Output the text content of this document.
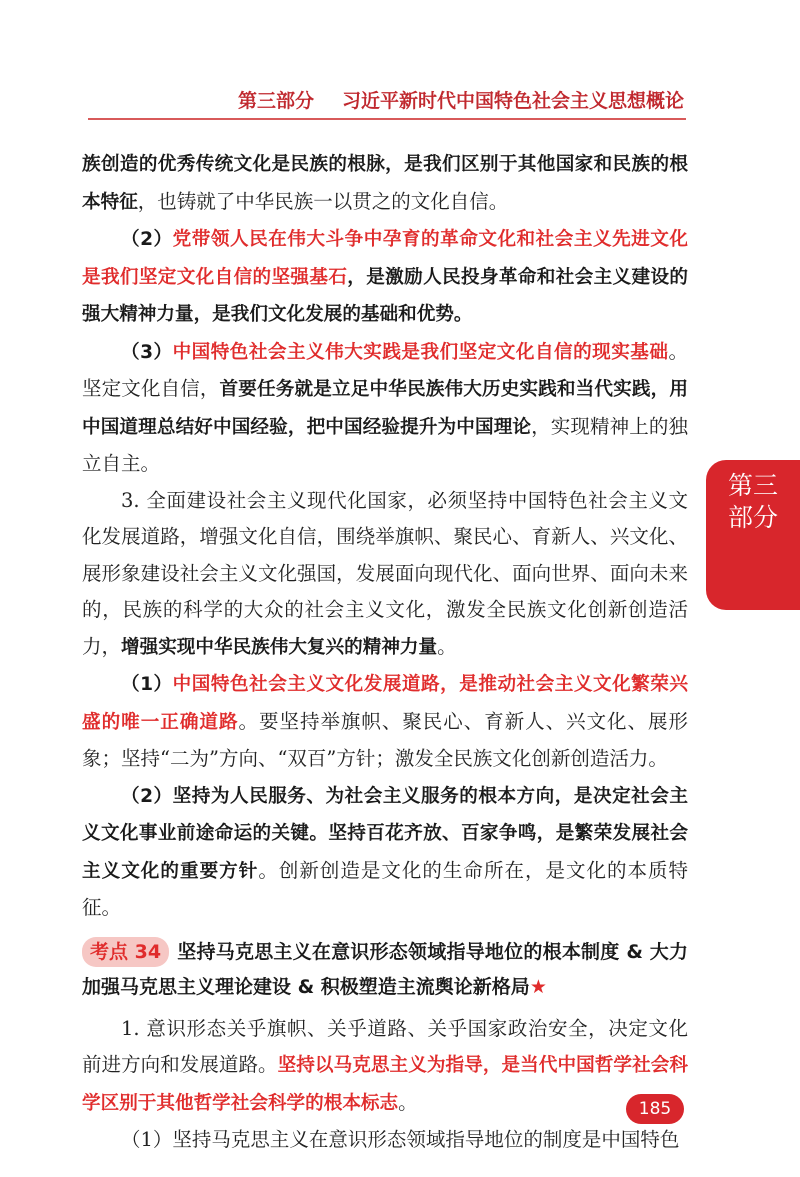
第三部分 习近平新时代中国特色社会主义思想概论

族创造的优秀传统文化是民族的根脉，是我们区别于其他国家和民族的根本特征，也铸就了中华民族一以贯之的文化自信。

（2）党带领人民在伟大斗争中孕育的革命文化和社会主义先进文化是我们坚定文化自信的坚强基石，是激励人民投身革命和社会主义建设的强大精神力量，是我们文化发展的基础和优势。

（3）中国特色社会主义伟大实践是我们坚定文化自信的现实基础。坚定文化自信，首要任务就是立足中华民族伟大历史实践和当代实践，用中国道理总结好中国经验，把中国经验提升为中国理论，实现精神上的独立自主。

3. 全面建设社会主义现代化国家，必须坚持中国特色社会主义文化发展道路，增强文化自信，围绕举旗帜、聚民心、育新人、兴文化、展形象建设社会主义文化强国，发展面向现代化、面向世界、面向未来的，民族的科学的大众的社会主义文化，激发全民族文化创新创造活力，增强实现中华民族伟大复兴的精神力量。

（1）中国特色社会主义文化发展道路，是推动社会主义文化繁荣兴盛的唯一正确道路。要坚持举旗帜、聚民心、育新人、兴文化、展形象；坚持“二为”方向、“双百”方针；激发全民族文化创新创造活力。

（2）坚持为人民服务、为社会主义服务的根本方向，是决定社会主义文化事业前途命运的关键。坚持百花齐放、百家争鸣，是繁荣发展社会主义文化的重要方针。创新创造是文化的生命所在，是文化的本质特征。

考点 34 坚持马克思主义在意识形态领域指导地位的根本制度 & 大力加强马克思主义理论建设 & 积极塑造主流舆论新格局★

1. 意识形态关乎旗帜、关乎道路、关乎国家政治安全，决定文化前进方向和发展道路。坚持以马克思主义为指导，是当代中国哲学社会科学区别于其他哲学社会科学的根本标志。

（1）坚持马克思主义在意识形态领域指导地位的制度是中国特色

第三
部分
185
